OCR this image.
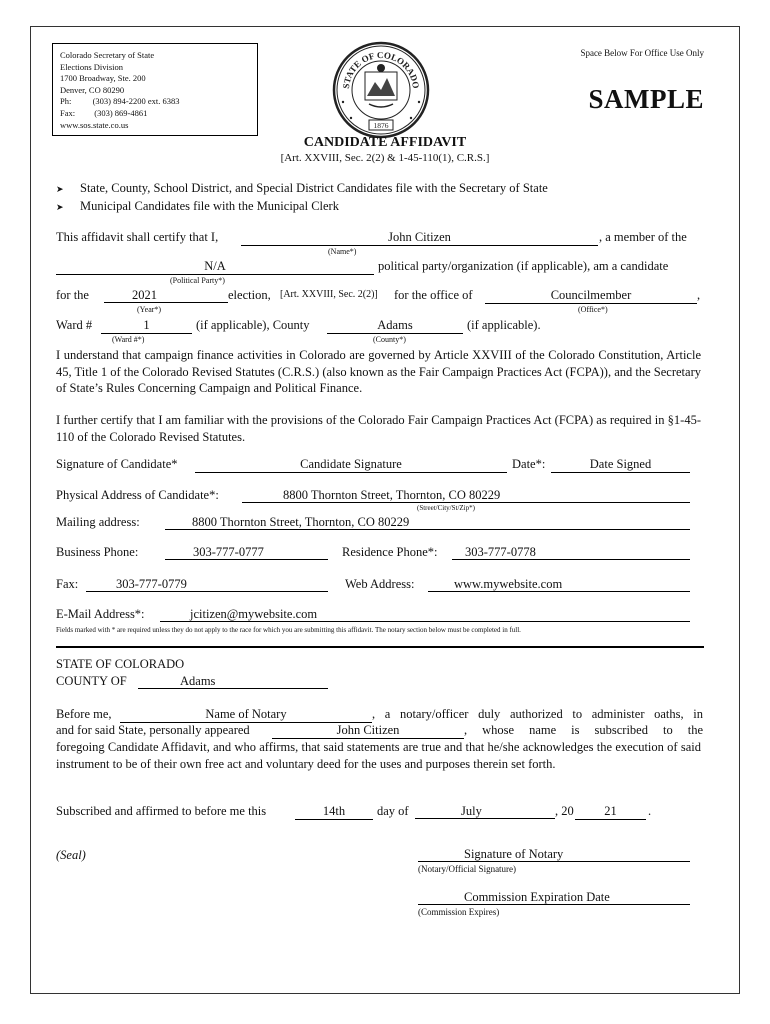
Colorado Secretary of State
Elections Division
1700 Broadway, Ste. 200
Denver, CO 80290
Ph:          (303) 894-2200 ext. 6383
Fax:         (303) 869-4861
www.sos.state.co.us
STATE OF COLORADO
1876
Space Below For Office Use Only
SAMPLE
CANDIDATE AFFIDAVIT
[Art. XXVIII, Sec. 2(2) & 1-45-110(1), C.R.S.]
➤ State, County, School District, and Special District Candidates file with the Secretary of State
➤ Municipal Candidates file with the Municipal Clerk
This affidavit shall certify that I,	John Citizen
(Name*)
, a member of the
N/A
(Political Party*)
political party/organization (if applicable), am a candidate
for the	2021
(Year*)
election, [Art. XXVIII, Sec. 2(2)] for the office of	Councilmember
(Office*)
,
Ward #	1
(Ward #*)
(if applicable), County	Adams
(County*)
(if applicable).
I understand that campaign finance activities in Colorado are governed by Article XXVIII of the Colorado Constitution, Article 45, Title 1 of the Colorado Revised Statutes (C.R.S.) (also known as the Fair Campaign Practices Act (FCPA)), and the Secretary of State’s Rules Concerning Campaign and Political Finance.
I further certify that I am familiar with the provisions of the Colorado Fair Campaign Practices Act (FCPA) as required in §1-45-110 of the Colorado Revised Statutes.
Signature of Candidate*	Candidate Signature	Date*:	Date Signed
Physical Address of Candidate*:	8800 Thornton Street, Thornton, CO 80229
(Street/City/St/Zip*)
Mailing address:	8800 Thornton Street, Thornton, CO 80229
Business Phone:	303-777-0777	Residence Phone*:	303-777-0778
Fax:	303-777-0779	Web Address:	www.mywebsite.com
E-Mail Address*:	jcitizen@mywebsite.com
Fields marked with * are required unless they do not apply to the race for which you are submitting this affidavit. The notary section below must be completed in full.
STATE OF COLORADO
COUNTY OF	Adams
Before me,	Name of Notary	, a notary/officer duly authorized to administer oaths, in
and for said State, personally appeared	John Citizen	, whose name is subscribed to the
foregoing Candidate Affidavit, and who affirms, that said statements are true and that he/she acknowledges the execution of said instrument to be of their own free act and voluntary deed for the uses and purposes therein set forth.
Subscribed and affirmed to before me this	14th	day of	July	, 20	21	.
(Seal)	Signature of Notary
(Notary/Official Signature)
Commission Expiration Date
(Commission Expires)
